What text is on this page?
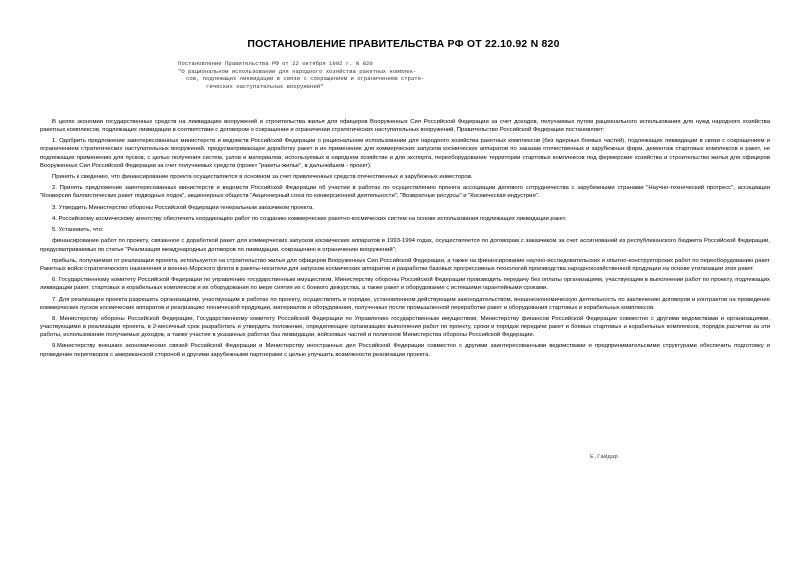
ПОСТАНОВЛЕНИЕ ПРАВИТЕЛЬСТВА РФ ОТ 22.10.92 N 820
Постановление Правительства РФ от 22 октября 1992 г. N 820
"О рациональном использовании для народного хозяйства ракетных комплек-
сов, подлежащих ликвидации в связи с сокращением и ограничением страте-
гических наступательных вооружений"

В целях экономии государственных средств на ликвидацию вооружений и строительства жилья для офицеров Вооруженных Сил Российской Федерации за счет доходов, получаемых путем рационального использования для нужд народного хозяйства ракетных комплексов, подлежащих ликвидации в соответствии с договором о сокращении и ограничении стратегических наступательных вооружений, Правительство Российской Федерации постановляет:

1. Одобрить предложение заинтересованных министерств и ведомств Российской Федерации о рациональном использовании для народного хозяйства ракетных комплексов (без ядерных боевых частей), подлежащих ликвидации в связи с сокращением и ограничением стратегических наступательных вооружений, предусматривающее доработку ракет и их применение для коммерческих запусков космических аппаратов по заказам отечественных и зарубежных фирм, демонтаж стартовых комплексов и ракет, не подлежащих применению для пусков, с целью получения систем, узлов и материалов, используемых в народном хозяйстве и для экспорта, переоборудование территории стартовых комплексов под фермерские хозяйства и строительство жилья для офицеров Вооруженных Сил Российской Федерации за счет получаемых средств (проект "ракеты-жилье", в дальнейшем - проект).

Принять к сведению, что финансирование проекта осуществляется в основном за счет привлеченных средств отечественных и зарубежных инвесторов.

2. Принять предложение заинтересованных министерств и ведомств Российской Федерации об участии в работах по осуществлению проекта ассоциации делового сотрудничества с зарубежными странами "Научно-технический прогресс", ассоциации "Конверсия баллистических ракет подводных лодок", акционерных обществ "Акционерный союз по конверсионной деятельности", "Возвратные ресурсы" и "Космическая индустрия".

3. Утвердить Министерство обороны Российской Федерации генеральным заказчиком проекта.

4. Российскому космическому агентству обеспечить координацию работ по созданию коммерческих ракетно-космических систем на основе использования подлежащих ликвидации ракет.

5. Установить, что:

финансирование работ по проекту, связанное с доработкой ракет для коммерческих запусков космических аппаратов в 1993-1994 годах, осуществляется по договорам с заказчиком за счет ассигнований из республиканского бюджета Российской Федерации, предусматриваемых по статье "Реализация международных договоров по ликвидации, сокращению и ограничению вооружений";

прибыль, получаемая от реализации проекта, используется на строительство жилья для офицеров Вооруженных Сил Российской Федерации, а также на финансирование научно-исследовательских и опытно-конструкторских работ по переоборудованию ракет Ракетных войск стратегического назначения и военно-Морского флота в ракеты-носители для запусков космических аппаратов и разработки базовых прогрессивных технологий производства народнохозяйственной продукции на основе утилизации этих ракет.

6. Государственному комитету Российской Федерации по управлению государственным имуществом, Министерству обороны Российской Федерации производить передачу без оплаты организациям, участвующим в выполнении работ по проекту, подлежащих ликвидации ракет, стартовых и корабельных комплексов и их оборудования по мере снятия их с боевого дежурства, а также ракет и оборудование с истекшими гарантийными сроками.

7. Для реализации проекта разрешить организациям, участвующим в работах по проекту, осуществлять в порядке, установленном действующим законодательством, внешнеэкономическую деятельность по заключению договоров и контрактов на проведение коммерческих пусков космических аппаратов и реализацию технической продукции, материалов и оборудования, полученных после промышленной переработки ракет и оборудования стартовых и корабельных комплексов.

8. Министерству обороны Российской Федерации, Государственному комитету Российской Федерации по Управлению государственным имуществом, Министерству финансов Российской Федерации совместно с другими ведомствами и организациями, участвующими в реализации проекта, в 2-месячный срок разработать и утвердить положение, определяющее организацию выполнения работ по проекту, сроки и порядок передачи ракет и боевых стартовых и корабельных комплексов, порядок расчетов за эти работы, использование получаемых доходов, а также участие в указанных работах баз ликвидации, войсковых частей и полигонов Министерства обороны Российской Федерации.

9.Министерству внешних экономических связей Российской Федерации и Министерству иностранных дел Российской Федерации совместно с другими заинтересованными ведомствами и предпринимательскими структурами обеспечить подготовку и проведение переговоров с американской стороной и другими зарубежными партнерами с целью улучшить возможности реализации проекта.

Е.Гайдар
